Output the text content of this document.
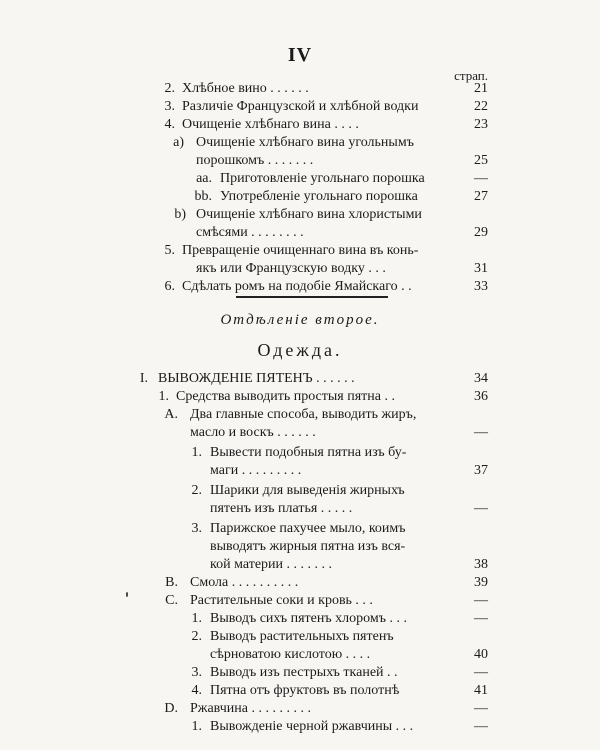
IV
страп.
2. Хлѣбное вино . . . . . .	21
3. Различіе Французской и хлѣбной водки	22
4. Очищеніе хлѣбнаго вина . . . .	23
а) Очищеніе хлѣбнаго вина угольнымъ
порошкомъ . . . . . . .	25
аа. Приготовленіе угольнаго порошка	—
bb. Употребленіе угольнаго порошка	27
b) Очищеніе хлѣбнаго вина хлористыми
смѣсями . . . . . . . .	29
5. Превращеніе очищеннаго вина въ конь-
якъ или Французскую водку . . .	31
6. Сдѣлать ромъ на подобіе Ямайскаго . .	33
Отдѣленіе второе.
Одежда.
I. ВЫВОЖДЕНІЕ ПЯТЕНЪ . . . . . .	34
1. Средства выводить простыя пятна . .	36
А. Два главные способа, выводить жиръ,
масло и воскъ . . . . . .	—
1. Вывести подобныя пятна изъ бу-
маги . . . . . . . . .	37
2. Шарики для выведенія жирныхъ
пятенъ изъ платья . . . . .	—
3. Парижское пахучее мыло, коимъ
выводятъ жирныя пятна изъ вся-
кой материи . . . . . . .	38
В. Смола . . . . . . . . . .	39
С. Растительные соки и кровь . . .	—
1. Выводъ сихъ пятенъ хлоромъ . . .	—
2. Выводъ растительныхъ пятенъ
сѣрноватою кислотою . . . .	40
3. Выводъ изъ пестрыхъ тканей . .	—
4. Пятна отъ фруктовъ въ полотнѣ	41
D. Ржавчина . . . . . . . . .	—
1. Вывожденіе черной ржавчины . . .	—
